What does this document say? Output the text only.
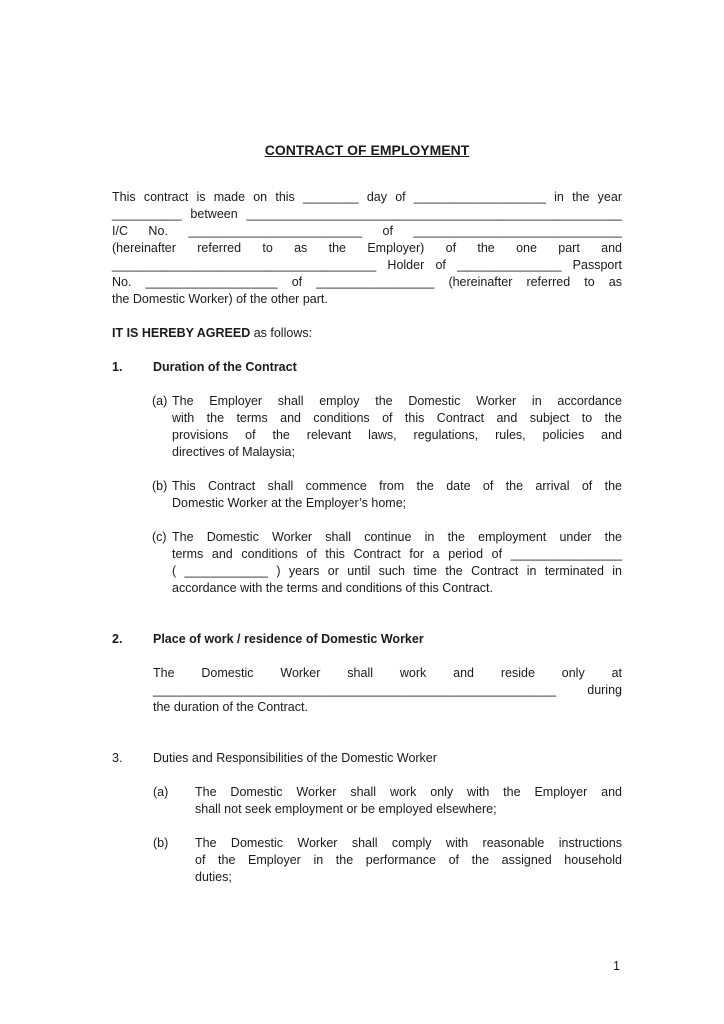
CONTRACT OF EMPLOYMENT
This contract is made on this ________ day of ___________________ in the year
__________ between ______________________________________________________
I/C No. _________________________ of ______________________________
(hereinafter referred to as the Employer) of the one part and
______________________________________ Holder of _______________ Passport
No. ___________________ of _________________ (hereinafter referred to as
the Domestic Worker) of the other part.
IT IS HEREBY AGREED as follows:
1.	Duration of the Contract
(a) The Employer shall employ the Domestic Worker in accordance
with the terms and conditions of this Contract and subject to the
provisions of the relevant laws, regulations, rules, policies and
directives of Malaysia;
(b) This Contract shall commence from the date of the arrival of the
Domestic Worker at the Employer’s home;
(c) The Domestic Worker shall continue in the employment under the
terms and conditions of this Contract for a period of ________________
( ____________ ) years or until such time the Contract in terminated in
accordance with the terms and conditions of this Contract.
2.	Place of work / residence of Domestic Worker
The Domestic Worker shall work and reside only at
__________________________________________________________ during
the duration of the Contract.
3.	Duties and Responsibilities of the Domestic Worker
(a)	The Domestic Worker shall work only with the Employer and
shall not seek employment or be employed elsewhere;
(b)	The Domestic Worker shall comply with reasonable instructions
of the Employer in the performance of the assigned household
duties;
1
